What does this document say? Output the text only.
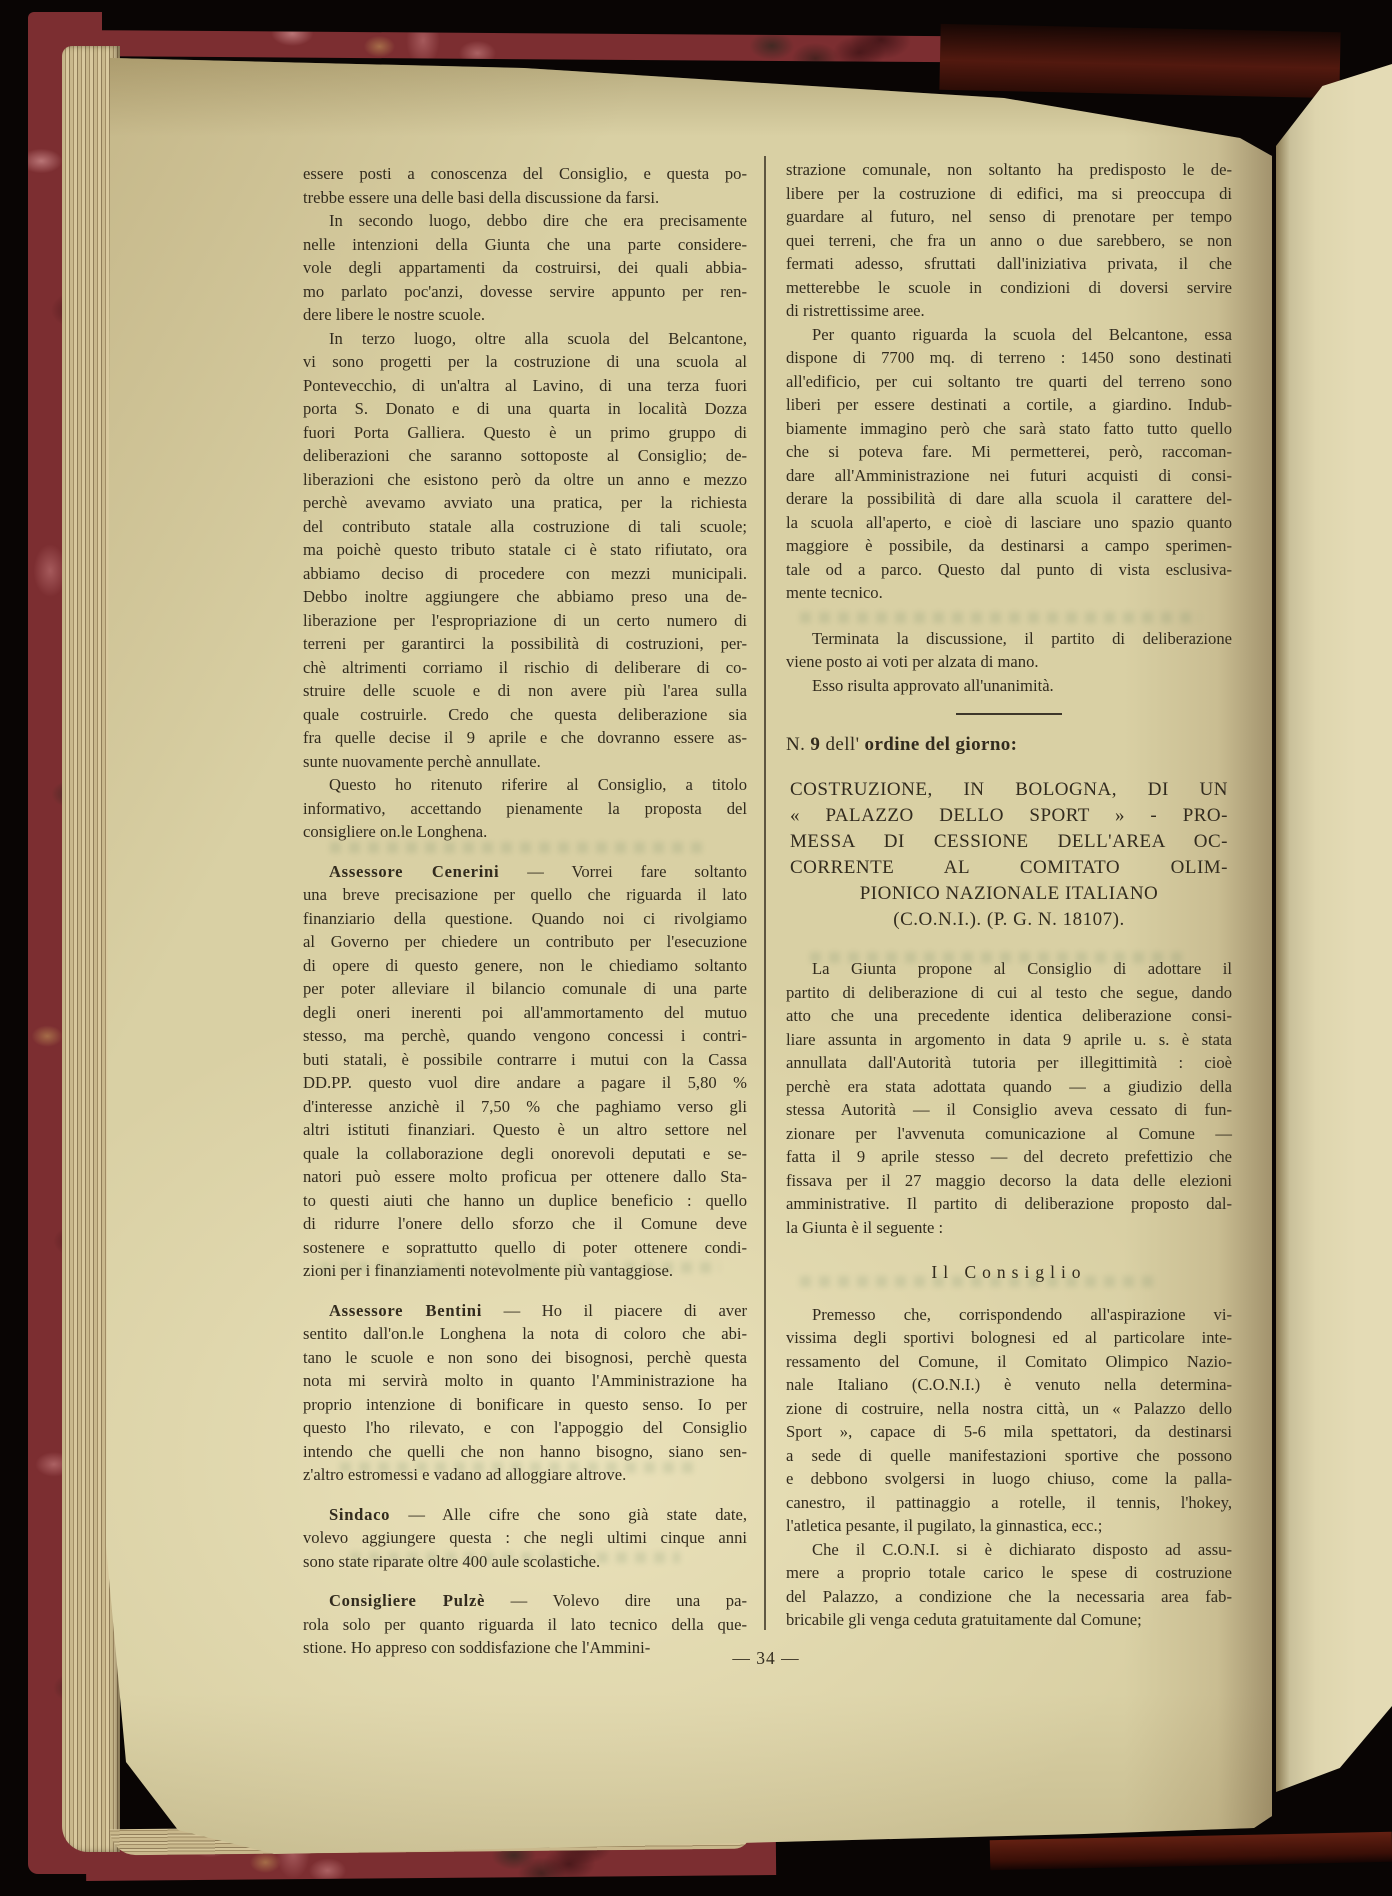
essere posti a conoscenza del Consiglio, e questa po-
trebbe essere una delle basi della discussione da farsi.
In secondo luogo, debbo dire che era precisamente
nelle intenzioni della Giunta che una parte considere-
vole degli appartamenti da costruirsi, dei quali abbia-
mo parlato poc'anzi, dovesse servire appunto per ren-
dere libere le nostre scuole.
In terzo luogo, oltre alla scuola del Belcantone,
vi sono progetti per la costruzione di una scuola al
Pontevecchio, di un'altra al Lavino, di una terza fuori
porta S. Donato e di una quarta in località Dozza
fuori Porta Galliera. Questo è un primo gruppo di
deliberazioni che saranno sottoposte al Consiglio; de-
liberazioni che esistono però da oltre un anno e mezzo
perchè avevamo avviato una pratica, per la richiesta
del contributo statale alla costruzione di tali scuole;
ma poichè questo tributo statale ci è stato rifiutato, ora
abbiamo deciso di procedere con mezzi municipali.
Debbo inoltre aggiungere che abbiamo preso una de-
liberazione per l'espropriazione di un certo numero di
terreni per garantirci la possibilità di costruzioni, per-
chè altrimenti corriamo il rischio di deliberare di co-
struire delle scuole e di non avere più l'area sulla
quale costruirle. Credo che questa deliberazione sia
fra quelle decise il 9 aprile e che dovranno essere as-
sunte nuovamente perchè annullate.
Questo ho ritenuto riferire al Consiglio, a titolo
informativo, accettando pienamente la proposta del
consigliere on.le Longhena.
Assessore Cenerini — Vorrei fare soltanto
una breve precisazione per quello che riguarda il lato
finanziario della questione. Quando noi ci rivolgiamo
al Governo per chiedere un contributo per l'esecuzione
di opere di questo genere, non le chiediamo soltanto
per poter alleviare il bilancio comunale di una parte
degli oneri inerenti poi all'ammortamento del mutuo
stesso, ma perchè, quando vengono concessi i contri-
buti statali, è possibile contrarre i mutui con la Cassa
DD.PP. questo vuol dire andare a pagare il 5,80 %
d'interesse anzichè il 7,50 % che paghiamo verso gli
altri istituti finanziari. Questo è un altro settore nel
quale la collaborazione degli onorevoli deputati e se-
natori può essere molto proficua per ottenere dallo Sta-
to questi aiuti che hanno un duplice beneficio : quello
di ridurre l'onere dello sforzo che il Comune deve
sostenere e soprattutto quello di poter ottenere condi-
zioni per i finanziamenti notevolmente più vantaggiose.
Assessore Bentini — Ho il piacere di aver
sentito dall'on.le Longhena la nota di coloro che abi-
tano le scuole e non sono dei bisognosi, perchè questa
nota mi servirà molto in quanto l'Amministrazione ha
proprio intenzione di bonificare in questo senso. Io per
questo l'ho rilevato, e con l'appoggio del Consiglio
intendo che quelli che non hanno bisogno, siano sen-
z'altro estromessi e vadano ad alloggiare altrove.
Sindaco — Alle cifre che sono già state date,
volevo aggiungere questa : che negli ultimi cinque anni
sono state riparate oltre 400 aule scolastiche.
Consigliere Pulzè — Volevo dire una pa-
rola solo per quanto riguarda il lato tecnico della que-
stione. Ho appreso con soddisfazione che l'Ammini-
strazione comunale, non soltanto ha predisposto le de-
libere per la costruzione di edifici, ma si preoccupa di
guardare al futuro, nel senso di prenotare per tempo
quei terreni, che fra un anno o due sarebbero, se non
fermati adesso, sfruttati dall'iniziativa privata, il che
metterebbe le scuole in condizioni di doversi servire
di ristrettissime aree.
Per quanto riguarda la scuola del Belcantone, essa
dispone di 7700 mq. di terreno : 1450 sono destinati
all'edificio, per cui soltanto tre quarti del terreno sono
liberi per essere destinati a cortile, a giardino. Indub-
biamente immagino però che sarà stato fatto tutto quello
che si poteva fare. Mi permetterei, però, raccoman-
dare all'Amministrazione nei futuri acquisti di consi-
derare la possibilità di dare alla scuola il carattere del-
la scuola all'aperto, e cioè di lasciare uno spazio quanto
maggiore è possibile, da destinarsi a campo sperimen-
tale od a parco. Questo dal punto di vista esclusiva-
mente tecnico.
Terminata la discussione, il partito di deliberazione
viene posto ai voti per alzata di mano.
Esso risulta approvato all'unanimità.
N. 9 dell' ordine del giorno:
COSTRUZIONE, IN BOLOGNA, DI UN
« PALAZZO DELLO SPORT » - PRO-
MESSA DI CESSIONE DELL'AREA OC-
CORRENTE AL COMITATO OLIM-
PIONICO NAZIONALE ITALIANO
(C.O.N.I.). (P. G. N. 18107).
La Giunta propone al Consiglio di adottare il
partito di deliberazione di cui al testo che segue, dando
atto che una precedente identica deliberazione consi-
liare assunta in argomento in data 9 aprile u. s. è stata
annullata dall'Autorità tutoria per illegittimità : cioè
perchè era stata adottata quando — a giudizio della
stessa Autorità — il Consiglio aveva cessato di fun-
zionare per l'avvenuta comunicazione al Comune —
fatta il 9 aprile stesso — del decreto prefettizio che
fissava per il 27 maggio decorso la data delle elezioni
amministrative. Il partito di deliberazione proposto dal-
la Giunta è il seguente :
Il Consiglio
Premesso che, corrispondendo all'aspirazione vi-
vissima degli sportivi bolognesi ed al particolare inte-
ressamento del Comune, il Comitato Olimpico Nazio-
nale Italiano (C.O.N.I.) è venuto nella determina-
zione di costruire, nella nostra città, un « Palazzo dello
Sport », capace di 5-6 mila spettatori, da destinarsi
a sede di quelle manifestazioni sportive che possono
e debbono svolgersi in luogo chiuso, come la palla-
canestro, il pattinaggio a rotelle, il tennis, l'hokey,
l'atletica pesante, il pugilato, la ginnastica, ecc.;
Che il C.O.N.I. si è dichiarato disposto ad assu-
mere a proprio totale carico le spese di costruzione
del Palazzo, a condizione che la necessaria area fab-
bricabile gli venga ceduta gratuitamente dal Comune;
— 34 —
